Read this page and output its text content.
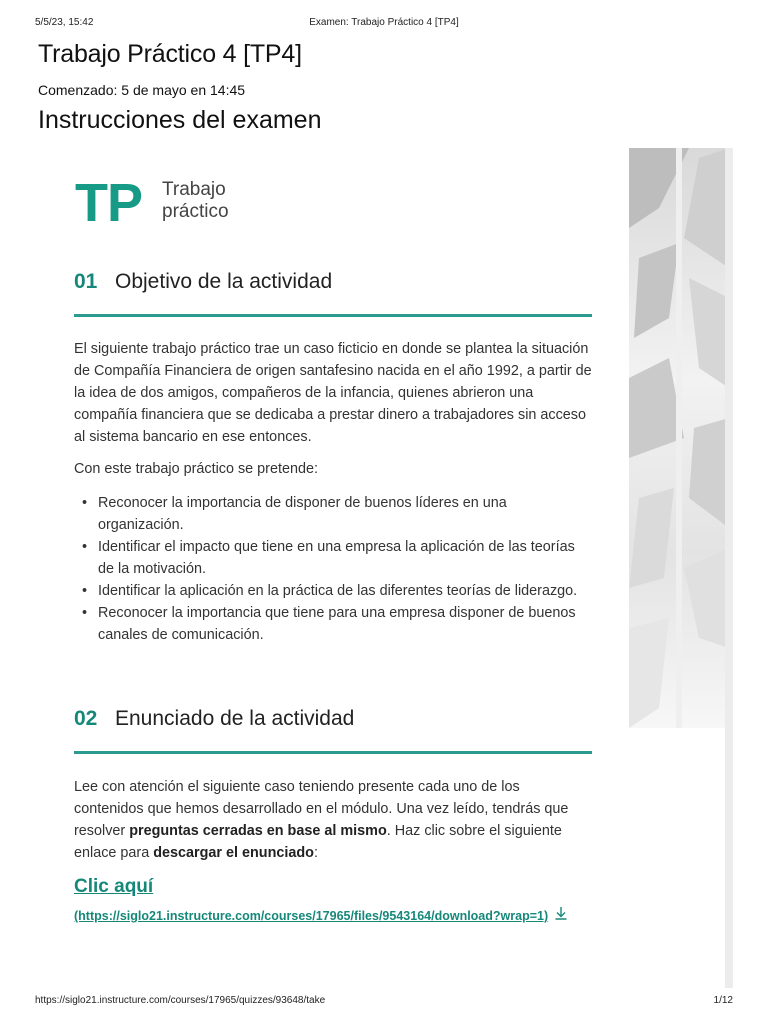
5/5/23, 15:42	Examen: Trabajo Práctico 4 [TP4]
Trabajo Práctico 4 [TP4]
Comenzado: 5 de mayo en 14:45
Instrucciones del examen
TP Trabajo
práctico
01 Objetivo de la actividad

El siguiente trabajo práctico trae un caso ficticio en donde se plantea la situación de Compañía Financiera de origen santafesino nacida en el año 1992, a partir de la idea de dos amigos, compañeros de la infancia, quienes abrieron una compañía financiera que se dedicaba a prestar dinero a trabajadores sin acceso al sistema bancario en ese entonces.

Con este trabajo práctico se pretende:

• Reconocer la importancia de disponer de buenos líderes en una organización.
• Identificar el impacto que tiene en una empresa la aplicación de las teorías de la motivación.
• Identificar la aplicación en la práctica de las diferentes teorías de liderazgo.
• Reconocer la importancia que tiene para una empresa disponer de buenos canales de comunicación.
02 Enunciado de la actividad

Lee con atención el siguiente caso teniendo presente cada uno de los contenidos que hemos desarrollado en el módulo. Una vez leído, tendrás que resolver preguntas cerradas en base al mismo. Haz clic sobre el siguiente enlace para descargar el enunciado:

Clic aquí
(https://siglo21.instructure.com/courses/17965/files/9543164/download?wrap=1)
https://siglo21.instructure.com/courses/17965/quizzes/93648/take	1/12
